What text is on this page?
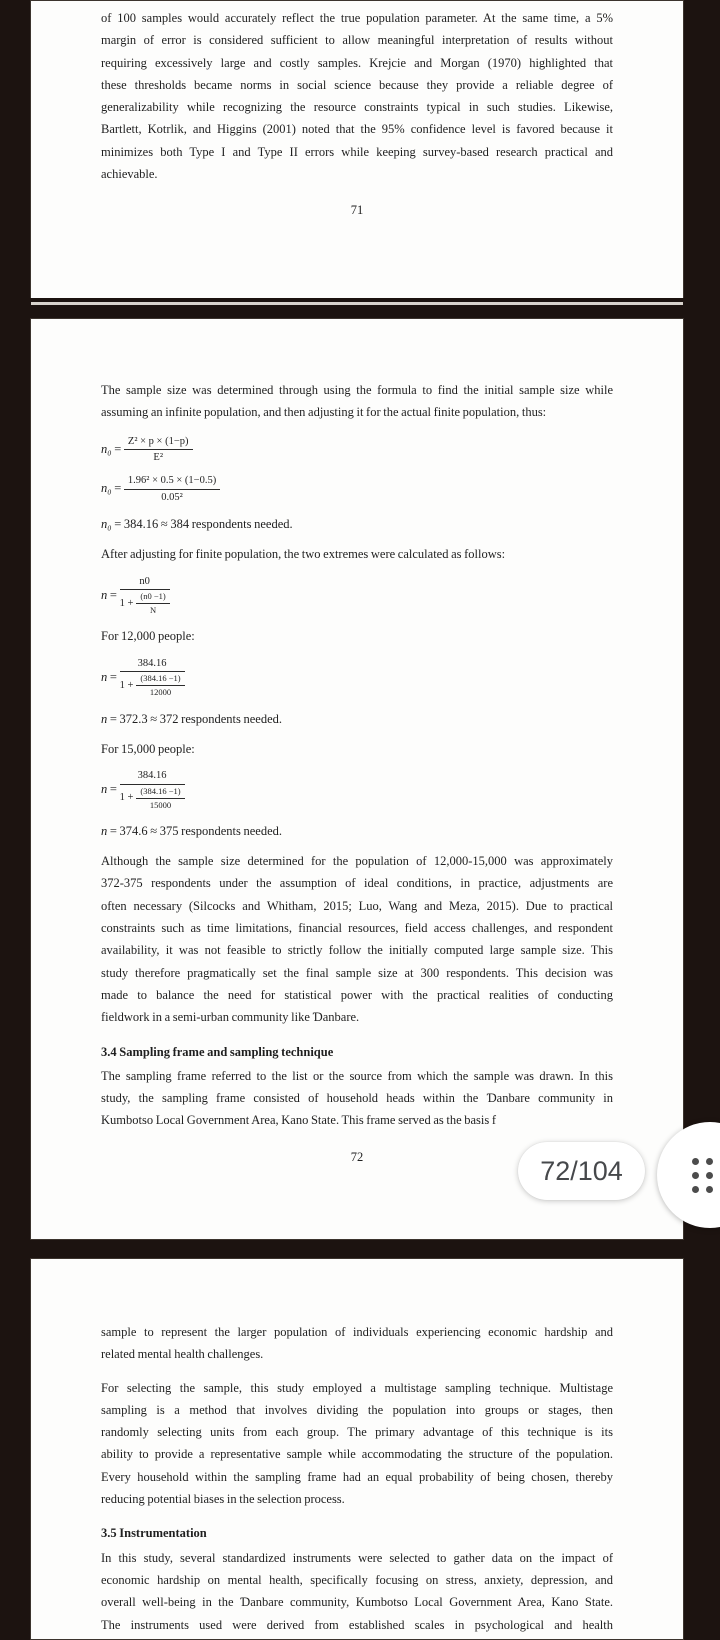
of 100 samples would accurately reflect the true population parameter. At the same time, a 5%
margin of error is considered sufficient to allow meaningful interpretation of results without
requiring excessively large and costly samples. Krejcie and Morgan (1970) highlighted that
these thresholds became norms in social science because they provide a reliable degree of
generalizability while recognizing the resource constraints typical in such studies. Likewise,
Bartlett, Kotrlik, and Higgins (2001) noted that the 95% confidence level is favored because it
minimizes both Type I and Type II errors while keeping survey-based research practical and
achievable.
71
The sample size was determined through using the formula to find the initial sample size while
assuming an infinite population, and then adjusting it for the actual finite population, thus:
$n_0 = \frac{\text{Z² × p × (1−p)}}{\text{E²}}$
$n_0 = \frac{\text{1.96² × 0.5 × (1−0.5)}}{\text{0.05²}}$
n₀ = 384.16 ≈ 384 respondents needed.
After adjusting for finite population, the two extremes were calculated as follows:
$n = \frac{n0}{1 + \frac{(n0 -1)}{N}}$
For 12,000 people:
$n = \frac{384.16}{1 + \frac{(384.16 -1)}{12000}}$
n = 372.3 ≈ 372 respondents needed.
For 15,000 people:
$n = \frac{384.16}{1 + \frac{(384.16 -1)}{15000}}$
n = 374.6 ≈ 375 respondents needed.
Although the sample size determined for the population of 12,000-15,000 was approximately
372-375 respondents under the assumption of ideal conditions, in practice, adjustments are
often necessary (Silcocks and Whitham, 2015; Luo, Wang and Meza, 2015). Due to practical
constraints such as time limitations, financial resources, field access challenges, and respondent
availability, it was not feasible to strictly follow the initially computed large sample size. This
study therefore pragmatically set the final sample size at 300 respondents. This decision was
made to balance the need for statistical power with the practical realities of conducting
fieldwork in a semi-urban community like Ɗanbare.
3.4 Sampling frame and sampling technique
The sampling frame referred to the list or the source from which the sample was drawn. In this
study, the sampling frame consisted of household heads within the Ɗanbare community in
Kumbotso Local Government Area, Kano State. This frame served as the basis f
72
sample to represent the larger population of individuals experiencing economic hardship and
related mental health challenges.
For selecting the sample, this study employed a multistage sampling technique. Multistage
sampling is a method that involves dividing the population into groups or stages, then
randomly selecting units from each group. The primary advantage of this technique is its
ability to provide a representative sample while accommodating the structure of the population.
Every household within the sampling frame had an equal probability of being chosen, thereby
reducing potential biases in the selection process.
3.5 Instrumentation
In this study, several standardized instruments were selected to gather data on the impact of
economic hardship on mental health, specifically focusing on stress, anxiety, depression, and
overall well-being in the Ɗanbare community, Kumbotso Local Government Area, Kano State.
The instruments used were derived from established scales in psychological and health
72/104
